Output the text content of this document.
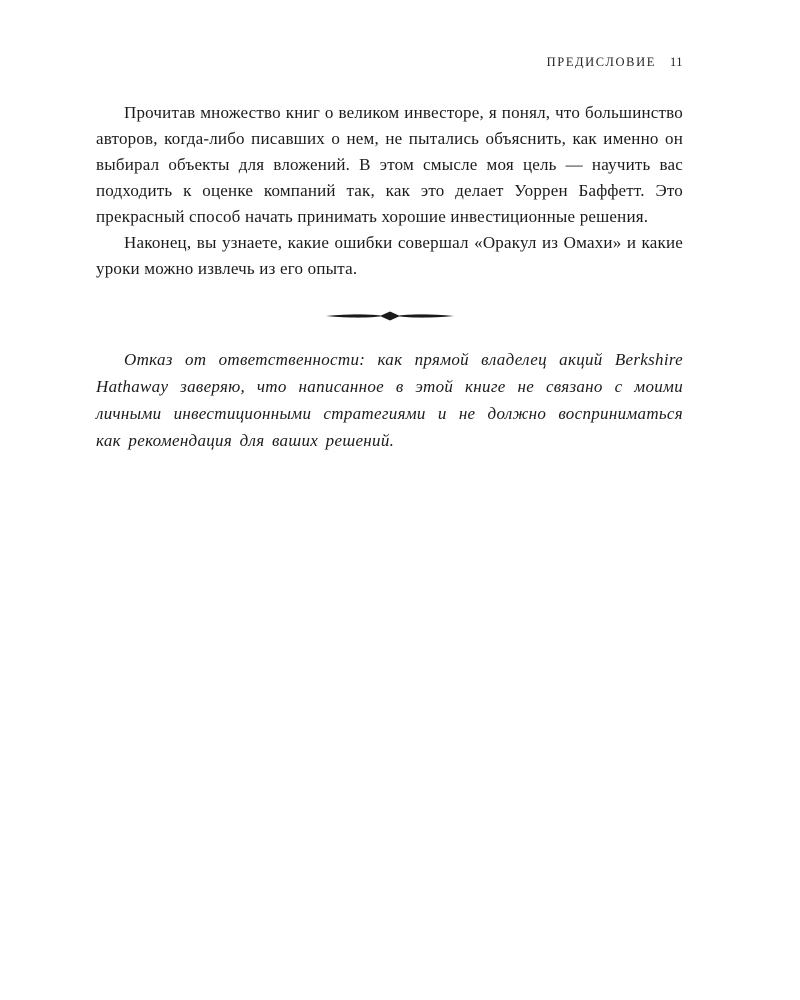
ПРЕДИСЛОВИЕ 11

Прочитав множество книг о великом инвесторе, я понял, что большинство авторов, когда-либо писавших о нем, не пытались объяснить, как именно он выбирал объекты для вложений. В этом смысле моя цель — научить вас подходить к оценке компаний так, как это делает Уоррен Баффетт. Это прекрасный способ начать принимать хорошие инвестиционные решения.

Наконец, вы узнаете, какие ошибки совершал «Оракул из Омахи» и какие уроки можно извлечь из его опыта.

Отказ от ответственности: как прямой владелец акций Berkshire Hathaway заверяю, что написанное в этой книге не связано с моими личными инвестиционными стратегиями и не должно восприниматься как рекомендация для ваших решений.
